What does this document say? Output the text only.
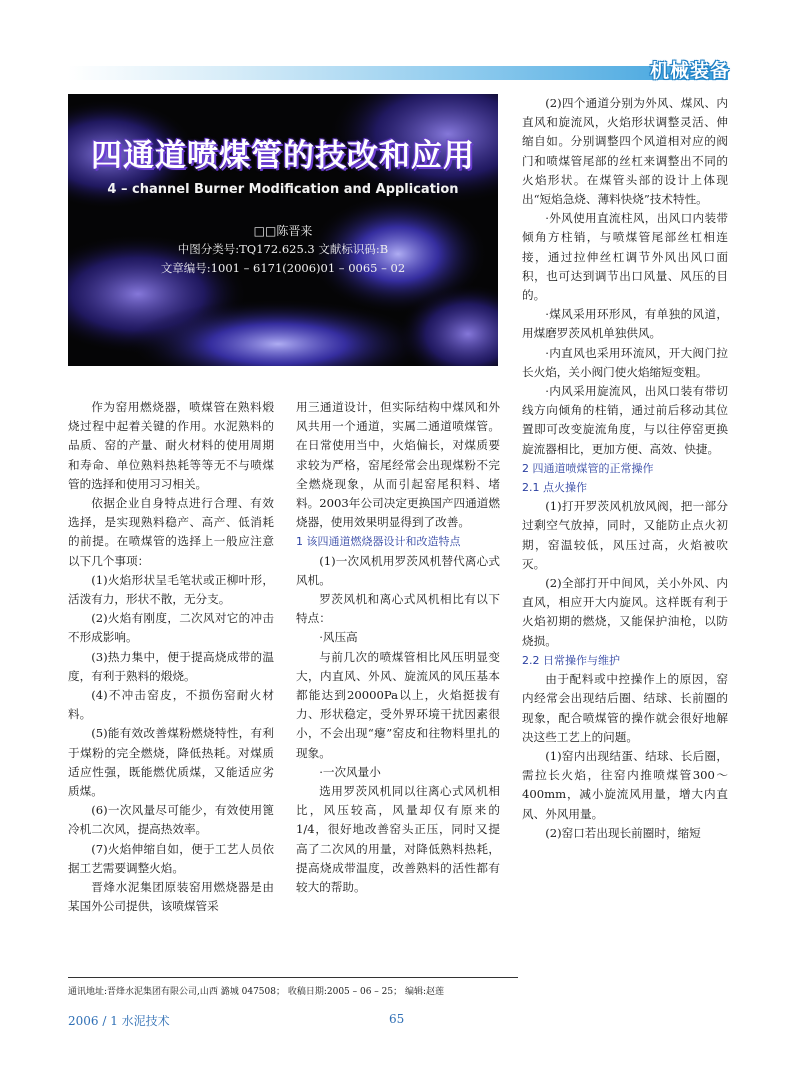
机械装备
四通道喷煤管的技改和应用
4 – channel Burner Modification and Application
□□陈晋来
中图分类号:TQ172.625.3 文献标识码:B
文章编号:1001 – 6171(2006)01 – 0065 – 02

作为窑用燃烧器，喷煤管在熟料煅烧过程中起着关键的作用。水泥熟料的品质、窑的产量、耐火材料的使用周期和寿命、单位熟料热耗等等无不与喷煤管的选择和使用习习相关。

依据企业自身特点进行合理、有效选择，是实现熟料稳产、高产、低消耗的前提。在喷煤管的选择上一般应注意以下几个事项：

(1)火焰形状呈毛笔状或正柳叶形，活泼有力，形状不散，无分支。

(2)火焰有刚度，二次风对它的冲击不形成影响。

(3)热力集中，便于提高烧成带的温度，有利于熟料的煅烧。

(4)不冲击窑皮，不损伤窑耐火材料。

(5)能有效改善煤粉燃烧特性，有利于煤粉的完全燃烧，降低热耗。对煤质适应性强，既能燃优质煤，又能适应劣质煤。

(6)一次风量尽可能少，有效使用篦冷机二次风，提高热效率。

(7)火焰伸缩自如，便于工艺人员依据工艺需要调整火焰。

晋烽水泥集团原装窑用燃烧器是由某国外公司提供，该喷煤管采

用三通道设计，但实际结构中煤风和外风共用一个通道，实属二通道喷煤管。在日常使用当中，火焰偏长，对煤质要求较为严格，窑尾经常会出现煤粉不完全燃烧现象，从而引起窑尾积料、堵料。2003年公司决定更换国产四通道燃烧器，使用效果明显得到了改善。

1 该四通道燃烧器设计和改造特点

(1)一次风机用罗茨风机替代离心式风机。

罗茨风机和离心式风机相比有以下特点：

·风压高

与前几次的喷煤管相比风压明显变大，内直风、外风、旋流风的风压基本都能达到20000Pa以上，火焰挺拔有力、形状稳定，受外界环境干扰因素很小，不会出现“瘪”窑皮和往物料里扎的现象。

·一次风量小

选用罗茨风机同以往离心式风机相比，风压较高，风量却仅有原来的1/4，很好地改善窑头正压，同时又提高了二次风的用量，对降低熟料热耗，提高烧成带温度，改善熟料的活性都有较大的帮助。

(2)四个通道分别为外风、煤风、内直风和旋流风，火焰形状调整灵活、伸缩自如。分别调整四个风道相对应的阀门和喷煤管尾部的丝杠来调整出不同的火焰形状。在煤管头部的设计上体现出“短焰急烧、薄料快烧”技术特性。

·外风使用直流柱风，出风口内装带倾角方柱销，与喷煤管尾部丝杠相连接，通过拉伸丝杠调节外风出风口面积，也可达到调节出口风量、风压的目的。

·煤风采用环形风，有单独的风道，用煤磨罗茨风机单独供风。

·内直风也采用环流风，开大阀门拉长火焰，关小阀门使火焰缩短变粗。

·内风采用旋流风，出风口装有带切线方向倾角的柱销，通过前后移动其位置即可改变旋流角度，与以往停窑更换旋流器相比，更加方便、高效、快捷。

2 四通道喷煤管的正常操作

2.1 点火操作

(1)打开罗茨风机放风阀，把一部分过剩空气放掉，同时，又能防止点火初期，窑温较低，风压过高，火焰被吹灭。

(2)全部打开中间风，关小外风、内直风，相应开大内旋风。这样既有利于火焰初期的燃烧，又能保护油枪，以防烧损。

2.2 日常操作与维护

由于配料或中控操作上的原因，窑内经常会出现结后圈、结球、长前圈的现象，配合喷煤管的操作就会很好地解决这些工艺上的问题。

(1)窑内出现结蛋、结球、长后圈，需拉长火焰，往窑内推喷煤管300～400mm，减小旋流风用量，增大内直风、外风用量。

(2)窑口若出现长前圈时，缩短

通讯地址:晋烽水泥集团有限公司,山西 潞城 047508； 收稿日期:2005 – 06 – 25； 编辑:赵莲
2006 / 1 水泥技术	65
